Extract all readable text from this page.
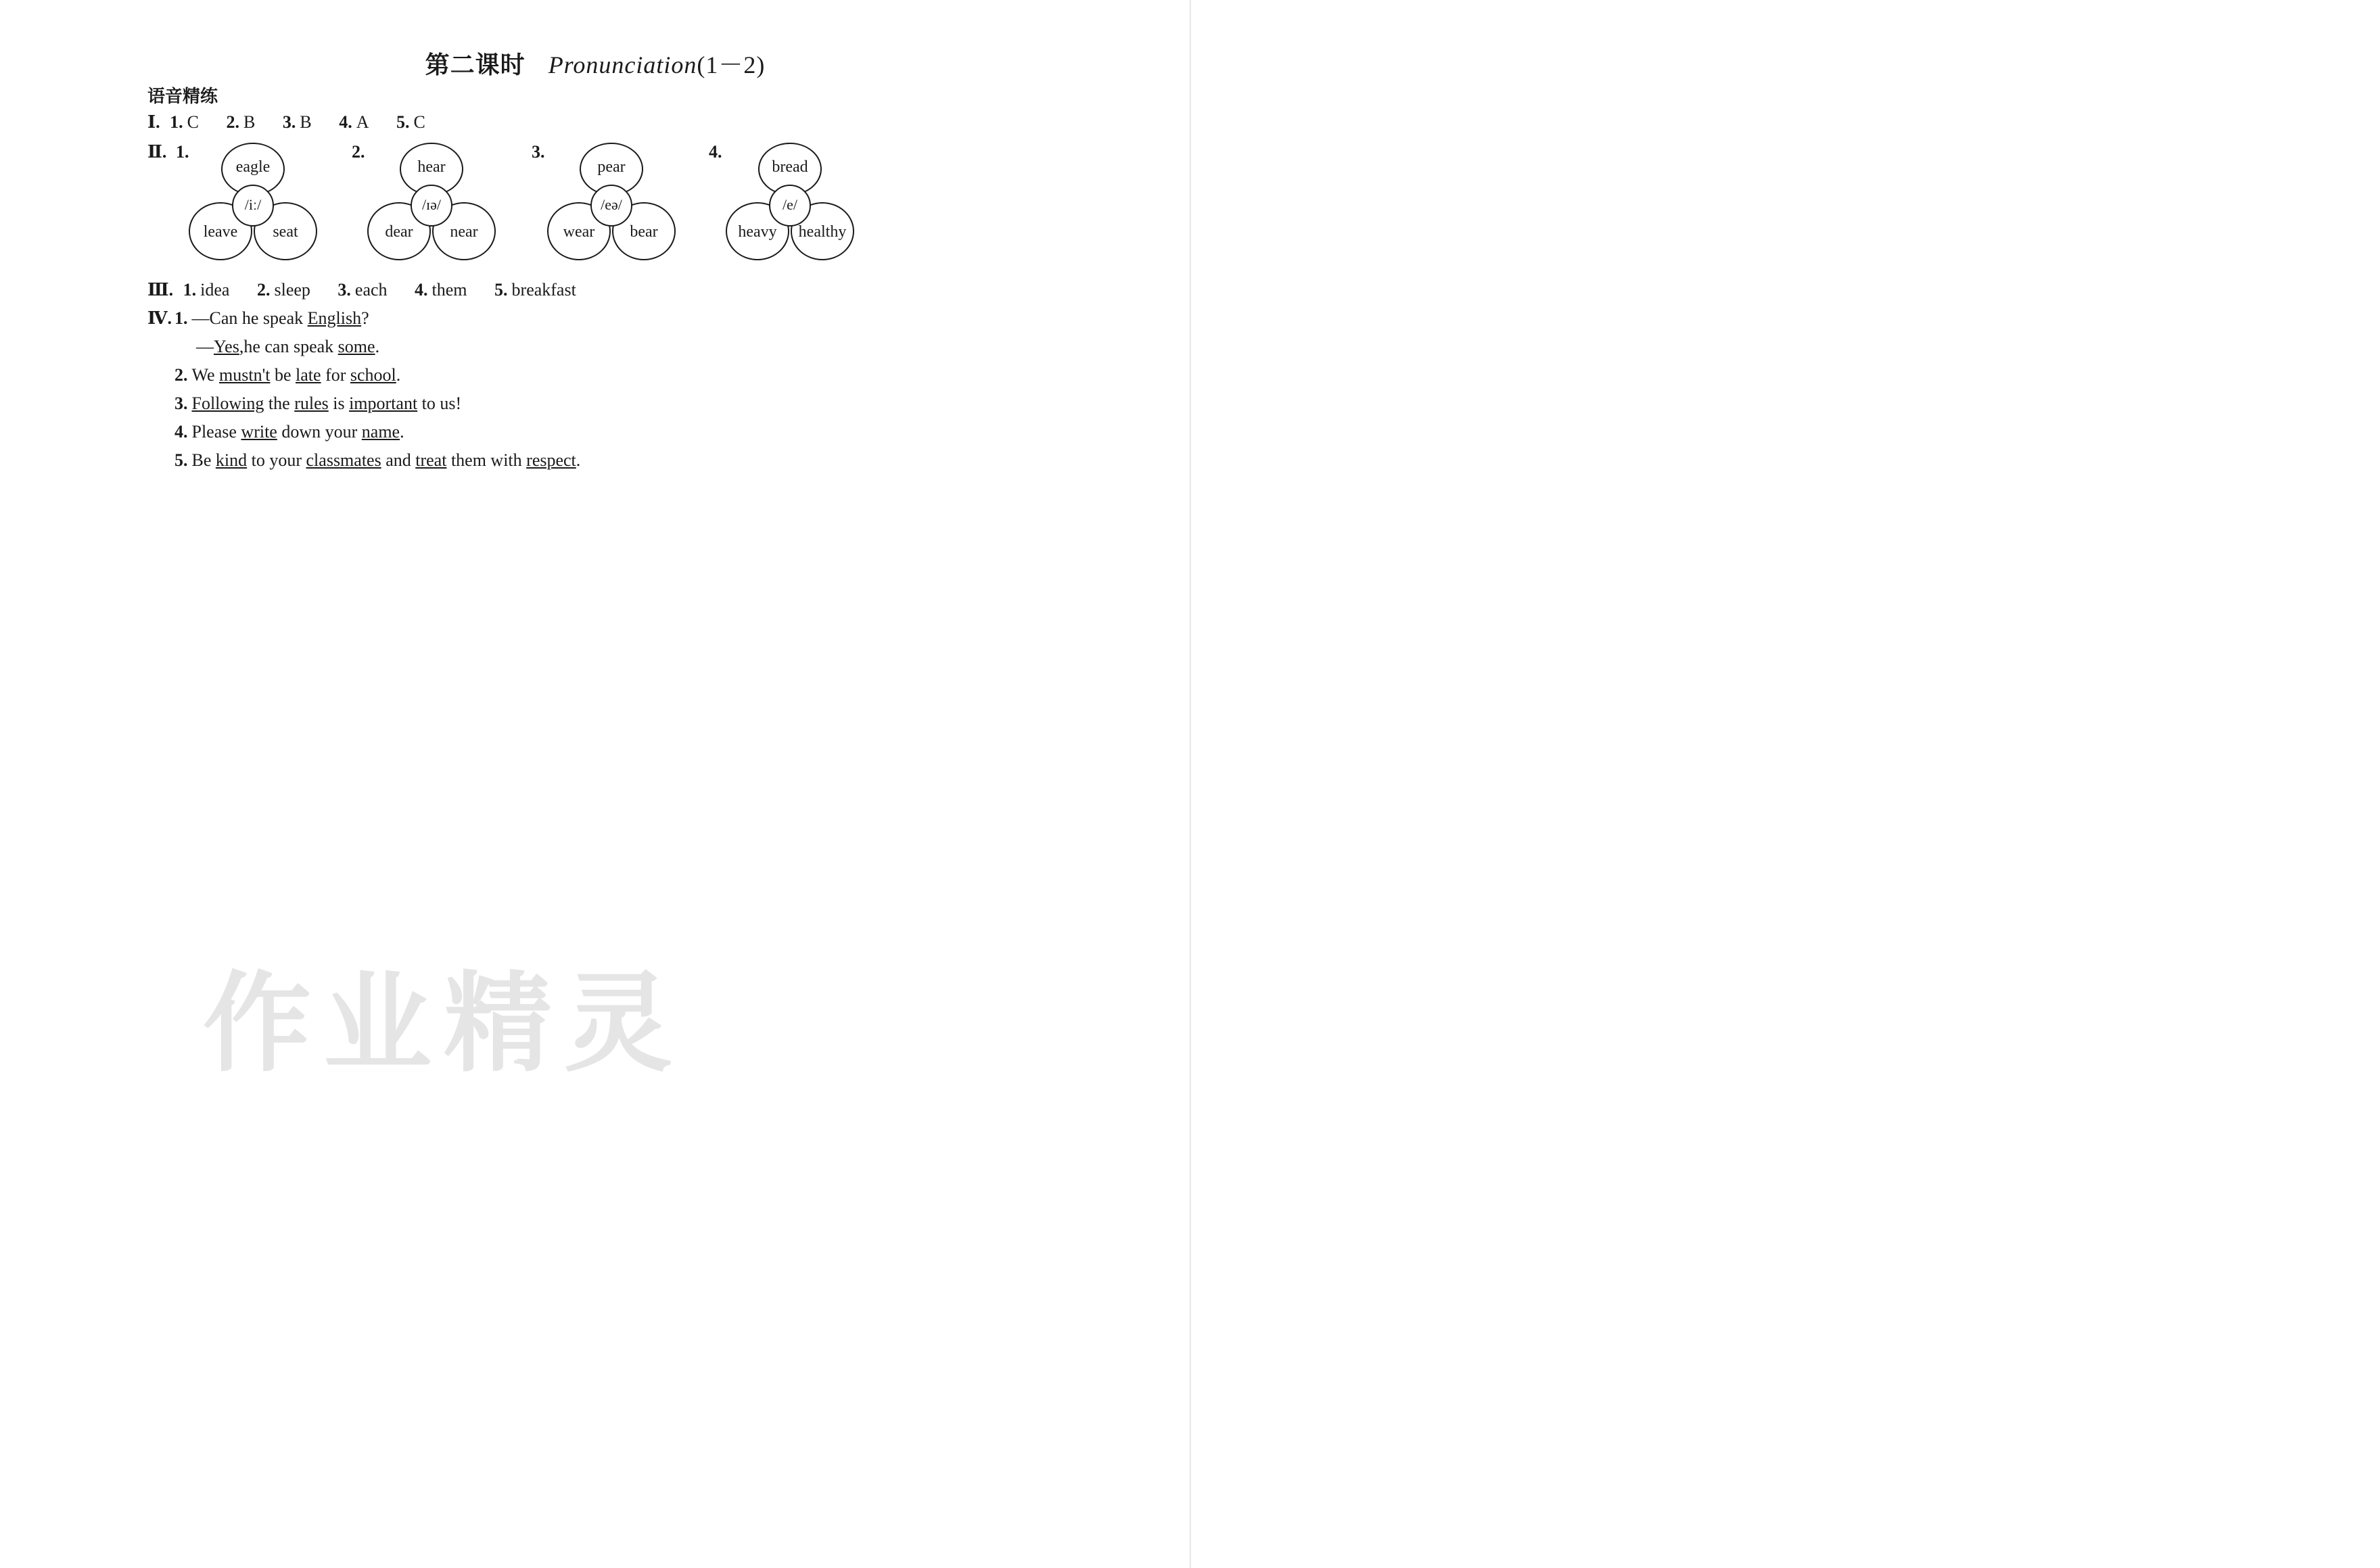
第二课时 Pronunciation(1－2)
语音精练
Ⅰ. 1. C 2. B 3. B 4. A 5. C
Ⅱ. 1.
eagle
/iː/
leave	seat
2.
hear
/ɪə/
dear	near
3.
pear
/eə/
wear	bear
4.
bread
/e/
heavy	healthy
Ⅲ. 1. idea 2. sleep 3. each 4. them 5. breakfast
Ⅳ. 1. —Can he speak English?
—Yes,he can speak some.
2. We mustn't be late for school.
3. Following the rules is important to us!
4. Please write down your name.
5. Be kind to your classmates and treat them with respect.
作业精灵
